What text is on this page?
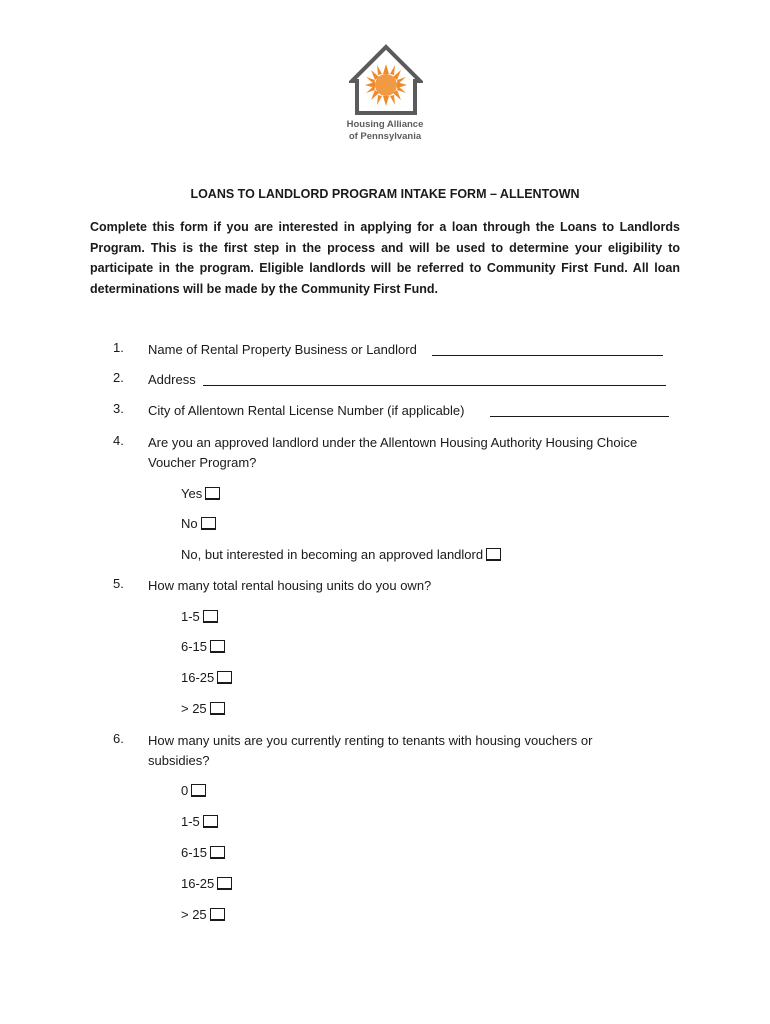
Housing Alliance
of Pennsylvania
LOANS TO LANDLORD PROGRAM INTAKE FORM – ALLENTOWN
Complete this form if you are interested in applying for a loan through the Loans to Landlords Program. This is the first step in the process and will be used to determine your eligibility to participate in the program. Eligible landlords will be referred to Community First Fund. All loan determinations will be made by the Community First Fund.
1. Name of Rental Property Business or Landlord
2. Address
3. City of Allentown Rental License Number (if applicable)
4. Are you an approved landlord under the Allentown Housing Authority Housing Choice
Voucher Program?
Yes
No
No, but interested in becoming an approved landlord
5. How many total rental housing units do you own?
1-5
6-15
16-25
> 25
6. How many units are you currently renting to tenants with housing vouchers or
subsidies?
0
1-5
6-15
16-25
> 25
